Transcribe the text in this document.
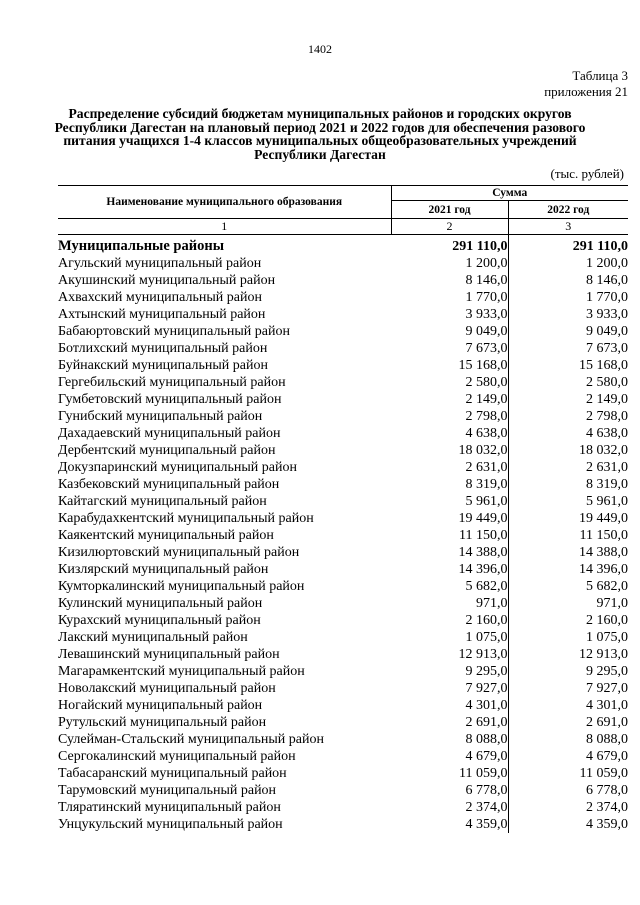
1402
Таблица 3
приложения 21
Распределение субсидий бюджетам муниципальных районов и городских округов Республики Дагестан на плановый период 2021 и 2022 годов для обеспечения разового питания учащихся 1-4 классов муниципальных общеобразовательных учреждений Республики Дагестан
(тыс. рублей)
Наименование муниципального образования	Сумма	
	2021 год	2022 год
1	2	3
Муниципальные районы	291 110,0	291 110,0
Агульский муниципальный район	1 200,0	1 200,0
Акушинский муниципальный район	8 146,0	8 146,0
Ахвахский муниципальный район	1 770,0	1 770,0
Ахтынский муниципальный район	3 933,0	3 933,0
Бабаюртовский муниципальный район	9 049,0	9 049,0
Ботлихский муниципальный район	7 673,0	7 673,0
Буйнакский муниципальный район	15 168,0	15 168,0
Гергебильский муниципальный район	2 580,0	2 580,0
Гумбетовский муниципальный район	2 149,0	2 149,0
Гунибский муниципальный район	2 798,0	2 798,0
Дахадаевский муниципальный район	4 638,0	4 638,0
Дербентский муниципальный район	18 032,0	18 032,0
Докузпаринский муниципальный район	2 631,0	2 631,0
Казбековский муниципальный район	8 319,0	8 319,0
Кайтагский муниципальный район	5 961,0	5 961,0
Карабудахкентский муниципальный район	19 449,0	19 449,0
Каякентский муниципальный район	11 150,0	11 150,0
Кизилюртовский муниципальный район	14 388,0	14 388,0
Кизлярский муниципальный район	14 396,0	14 396,0
Кумторкалинский муниципальный район	5 682,0	5 682,0
Кулинский муниципальный район	971,0	971,0
Курахский муниципальный район	2 160,0	2 160,0
Лакский муниципальный район	1 075,0	1 075,0
Левашинский муниципальный район	12 913,0	12 913,0
Магарамкентский муниципальный район	9 295,0	9 295,0
Новолакский муниципальный район	7 927,0	7 927,0
Ногайский муниципальный район	4 301,0	4 301,0
Рутульский муниципальный район	2 691,0	2 691,0
Сулейман-Стальский муниципальный район	8 088,0	8 088,0
Сергокалинский муниципальный район	4 679,0	4 679,0
Табасаранский муниципальный район	11 059,0	11 059,0
Тарумовский муниципальный район	6 778,0	6 778,0
Тляратинский муниципальный район	2 374,0	2 374,0
Унцукульский муниципальный район	4 359,0	4 359,0
